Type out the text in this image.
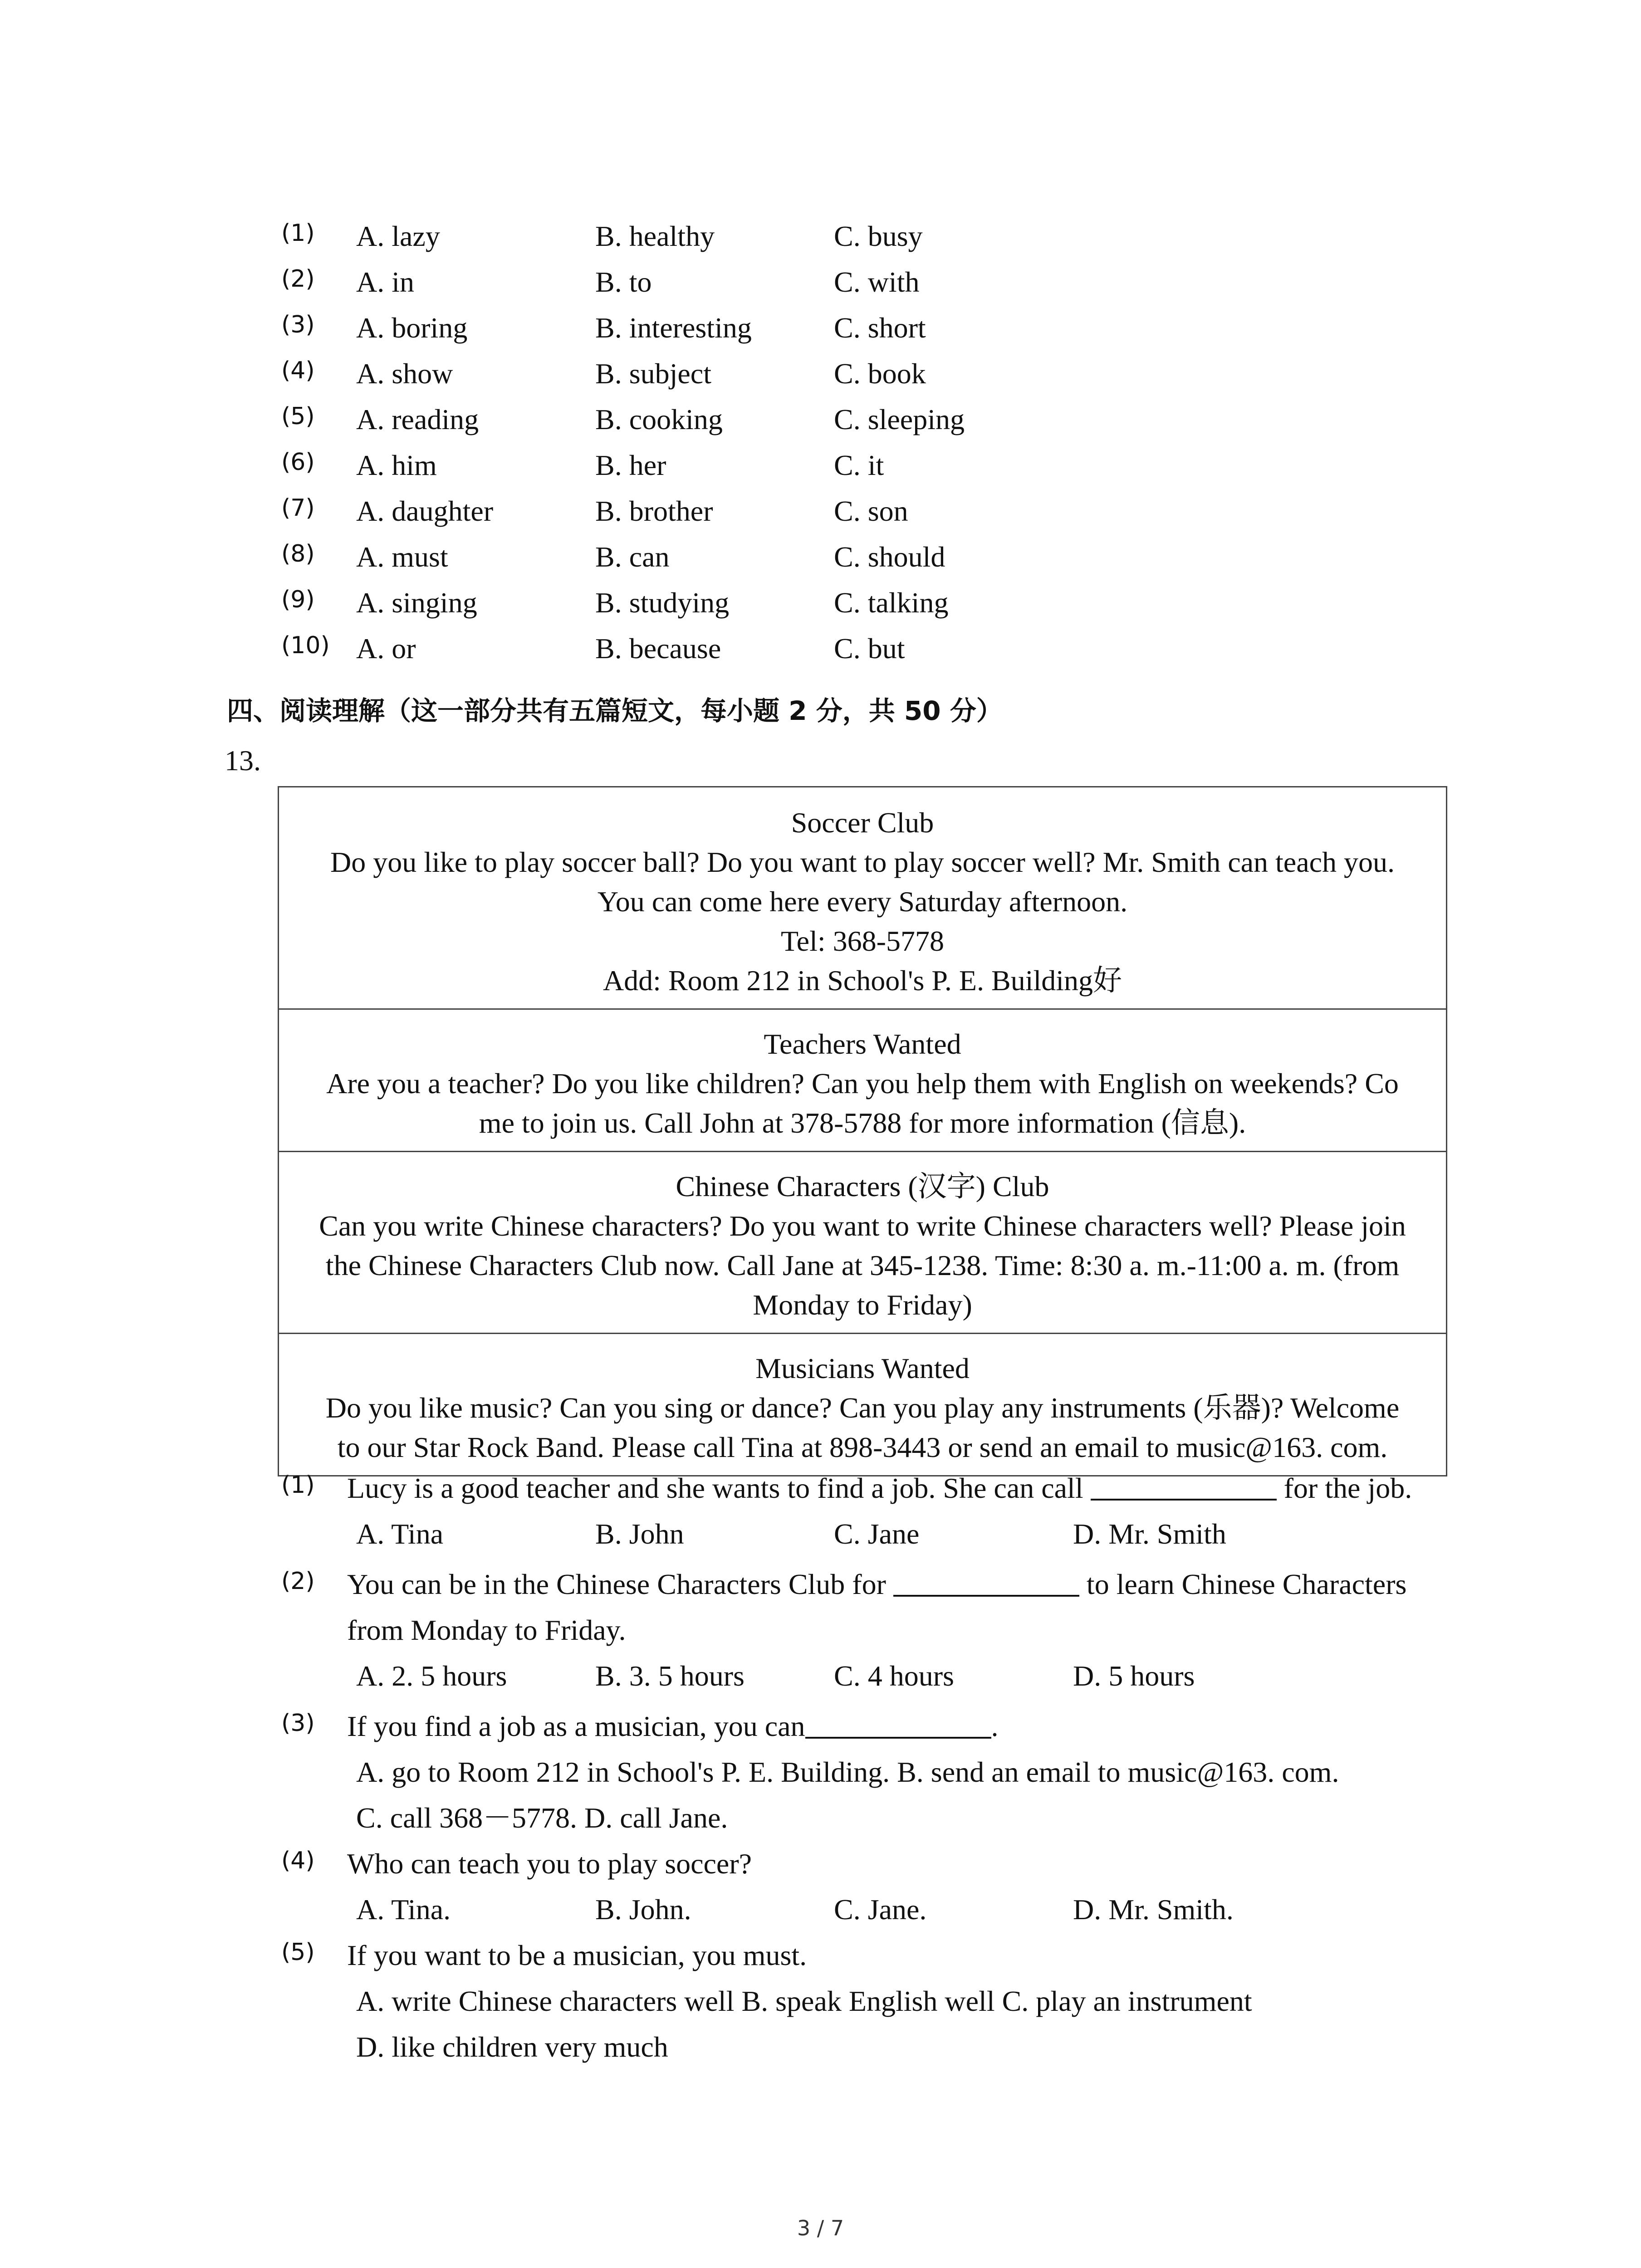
(1) A. lazy	B. healthy	C. busy
(2) A. in	B. to	C. with
(3) A. boring	B. interesting	C. short
(4) A. show	B. subject	C. book
(5) A. reading	B. cooking	C. sleeping
(6) A. him	B. her	C. it
(7) A. daughter	B. brother	C. son
(8) A. must	B. can	C. should
(9) A. singing	B. studying	C. talking
(10) A. or	B. because	C. but
四、阅读理解（这一部分共有五篇短文，每小题 2 分，共 50 分）
13.
Soccer Club
Do you like to play soccer ball? Do you want to play soccer well? Mr. Smith can teach you.
You can come here every Saturday afternoon.
Tel: 368-5778
Add: Room 212 in School's P. E. Building好
Teachers Wanted
Are you a teacher? Do you like children? Can you help them with English on weekends? Co
me to join us. Call John at 378-5788 for more information (信息).
Chinese Characters (汉字) Club
Can you write Chinese characters? Do you want to write Chinese characters well? Please join
the Chinese Characters Club now. Call Jane at 345-1238. Time: 8:30 a. m.-11:00 a. m. (from
Monday to Friday)
Musicians Wanted
Do you like music? Can you sing or dance? Can you play any instruments (乐器)? Welcome
to our Star Rock Band. Please call Tina at 898-3443 or send an email to music@163. com.
(1) Lucy is a good teacher and she wants to find a job. She can call	for the job.
A. Tina	B. John	C. Jane	D. Mr. Smith
(2) You can be in the Chinese Characters Club for	to learn Chinese Characters from Monday to Friday.
A. 2. 5 hours	B. 3. 5 hours	C. 4 hours	D. 5 hours
(3) If you find a job as a musician, you can	.
A. go to Room 212 in School's P. E. Building. B. send an email to music@163. com.
C. call 368－5778. D. call Jane.
(4) Who can teach you to play soccer?
A. Tina.	B. John.	C. Jane.	D. Mr. Smith.
(5) If you want to be a musician, you must.
A. write Chinese characters well B. speak English well C. play an instrument
D. like children very much
3 / 7
